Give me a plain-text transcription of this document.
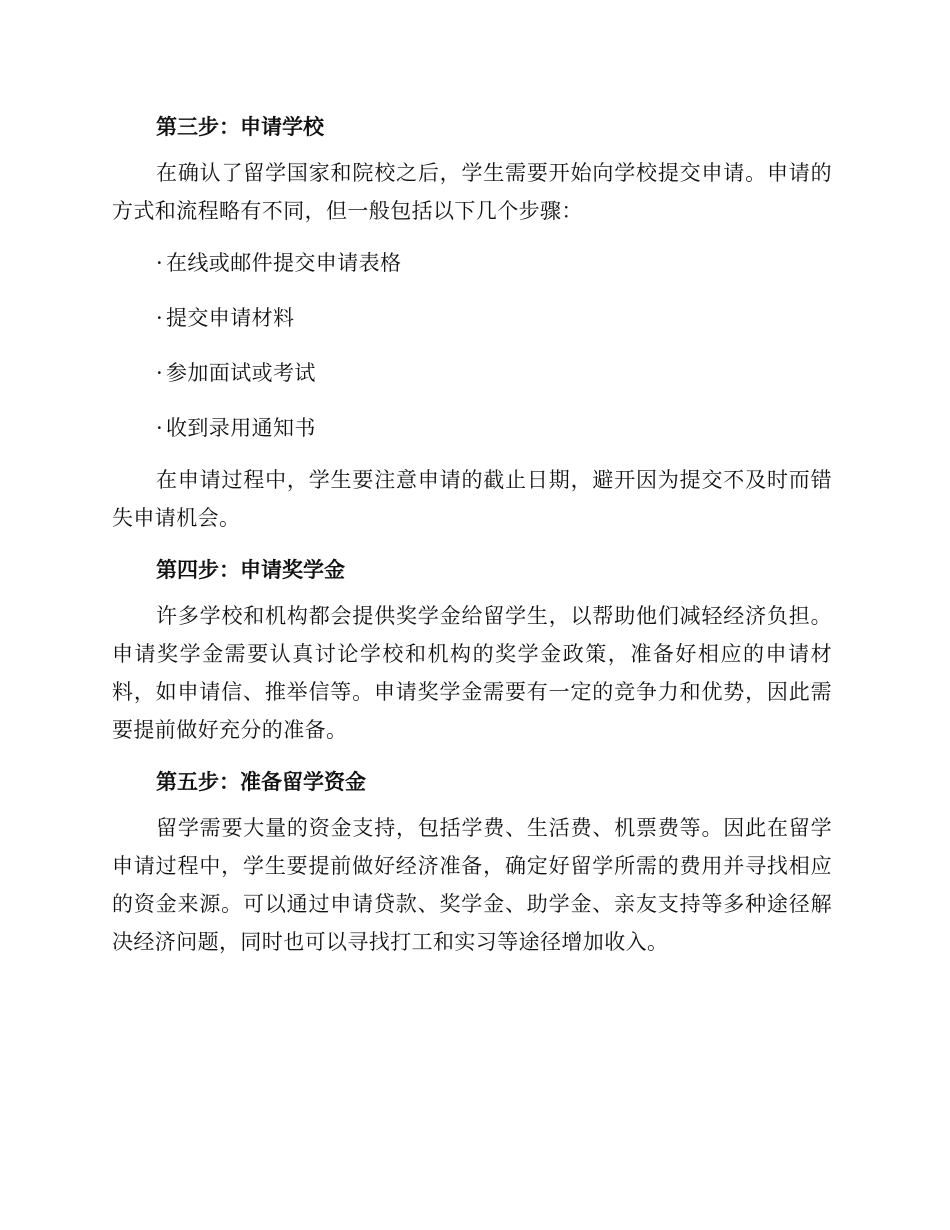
第三步：申请学校

在确认了留学国家和院校之后，学生需要开始向学校提交申请。申请的方式和流程略有不同，但一般包括以下几个步骤：

· 在线或邮件提交申请表格
· 提交申请材料
· 参加面试或考试
· 收到录用通知书

在申请过程中，学生要注意申请的截止日期，避开因为提交不及时而错失申请机会。

第四步：申请奖学金

许多学校和机构都会提供奖学金给留学生，以帮助他们减轻经济负担。申请奖学金需要认真讨论学校和机构的奖学金政策，准备好相应的申请材料，如申请信、推举信等。申请奖学金需要有一定的竞争力和优势，因此需要提前做好充分的准备。

第五步：准备留学资金

留学需要大量的资金支持，包括学费、生活费、机票费等。因此在留学申请过程中，学生要提前做好经济准备，确定好留学所需的费用并寻找相应的资金来源。可以通过申请贷款、奖学金、助学金、亲友支持等多种途径解决经济问题，同时也可以寻找打工和实习等途径增加收入。
